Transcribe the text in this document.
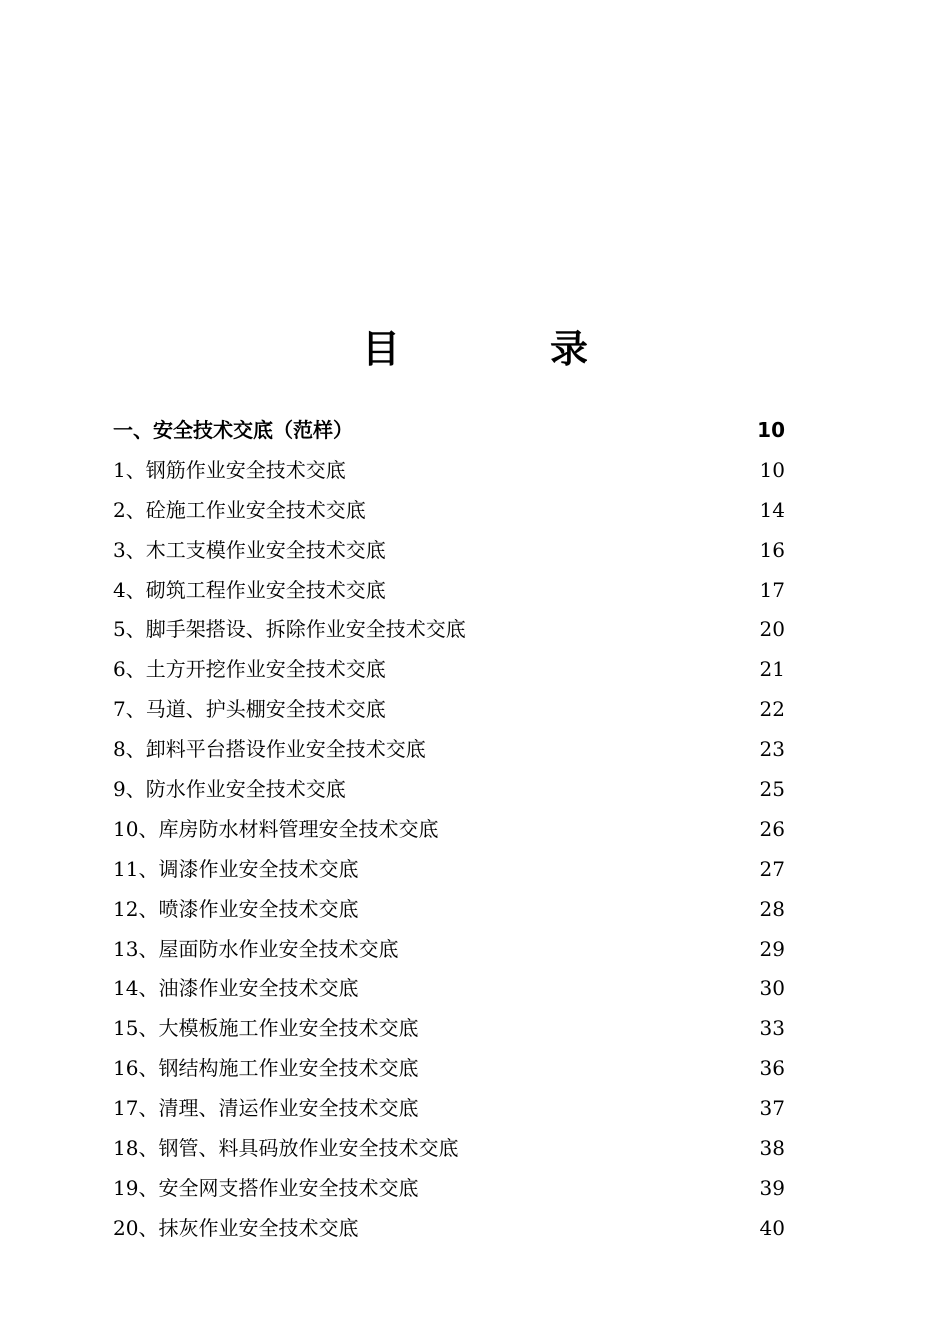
目　录
一、安全技术交底（范样）	10
1、钢筋作业安全技术交底	10
2、砼施工作业安全技术交底	14
3、木工支模作业安全技术交底	16
4、砌筑工程作业安全技术交底	17
5、脚手架搭设、拆除作业安全技术交底	20
6、土方开挖作业安全技术交底	21
7、马道、护头棚安全技术交底	22
8、卸料平台搭设作业安全技术交底	23
9、防水作业安全技术交底	25
10、库房防水材料管理安全技术交底	26
11、调漆作业安全技术交底	27
12、喷漆作业安全技术交底	28
13、屋面防水作业安全技术交底	29
14、油漆作业安全技术交底	30
15、大模板施工作业安全技术交底	33
16、钢结构施工作业安全技术交底	36
17、清理、清运作业安全技术交底	37
18、钢管、料具码放作业安全技术交底	38
19、安全网支搭作业安全技术交底	39
20、抹灰作业安全技术交底	40
